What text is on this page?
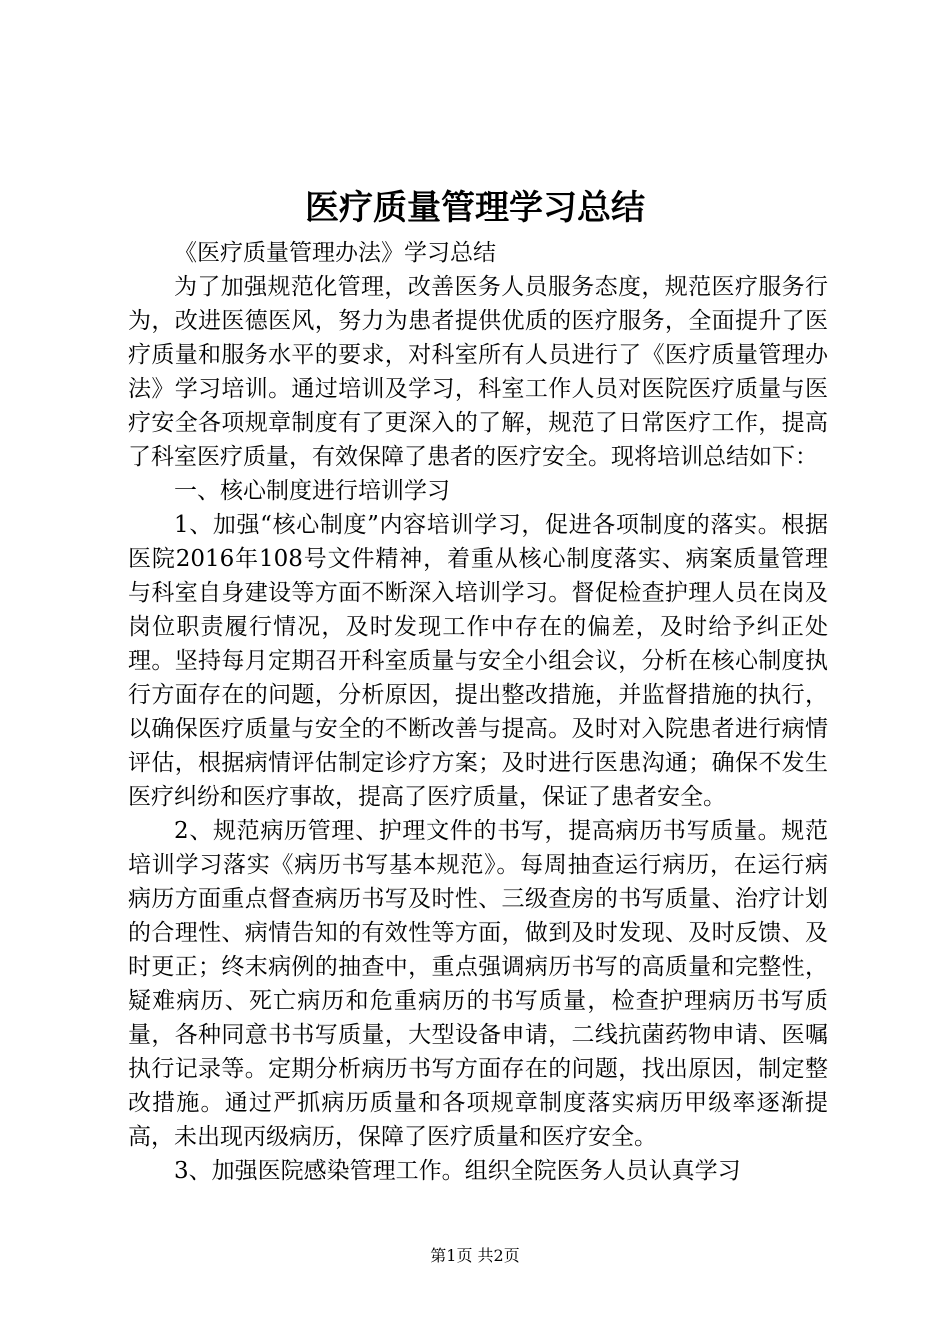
医疗质量管理学习总结

《医疗质量管理办法》学习总结

为了加强规范化管理，改善医务人员服务态度，规范医疗服务行为，改进医德医风，努力为患者提供优质的医疗服务，全面提升了医疗质量和服务水平的要求，对科室所有人员进行了《医疗质量管理办法》学习培训。通过培训及学习，科室工作人员对医院医疗质量与医疗安全各项规章制度有了更深入的了解，规范了日常医疗工作，提高了科室医疗质量，有效保障了患者的医疗安全。现将培训总结如下：

一、核心制度进行培训学习

1、加强“核心制度”内容培训学习，促进各项制度的落实。根据医院2016年108号文件精神，着重从核心制度落实、病案质量管理与科室自身建设等方面不断深入培训学习。督促检查护理人员在岗及岗位职责履行情况，及时发现工作中存在的偏差，及时给予纠正处理。坚持每月定期召开科室质量与安全小组会议，分析在核心制度执行方面存在的问题，分析原因，提出整改措施，并监督措施的执行，以确保医疗质量与安全的不断改善与提高。及时对入院患者进行病情评估，根据病情评估制定诊疗方案；及时进行医患沟通；确保不发生医疗纠纷和医疗事故，提高了医疗质量，保证了患者安全。

2、规范病历管理、护理文件的书写，提高病历书写质量。规范培训学习落实《病历书写基本规范》。每周抽查运行病历，在运行病病历方面重点督查病历书写及时性、三级查房的书写质量、治疗计划的合理性、病情告知的有效性等方面，做到及时发现、及时反馈、及时更正；终末病例的抽查中，重点强调病历书写的高质量和完整性，疑难病历、死亡病历和危重病历的书写质量，检查护理病历书写质量，各种同意书书写质量，大型设备申请，二线抗菌药物申请、医嘱执行记录等。定期分析病历书写方面存在的问题，找出原因，制定整改措施。通过严抓病历质量和各项规章制度落实病历甲级率逐渐提高，未出现丙级病历，保障了医疗质量和医疗安全。

3、加强医院感染管理工作。组织全院医务人员认真学习

第1页 共2页
